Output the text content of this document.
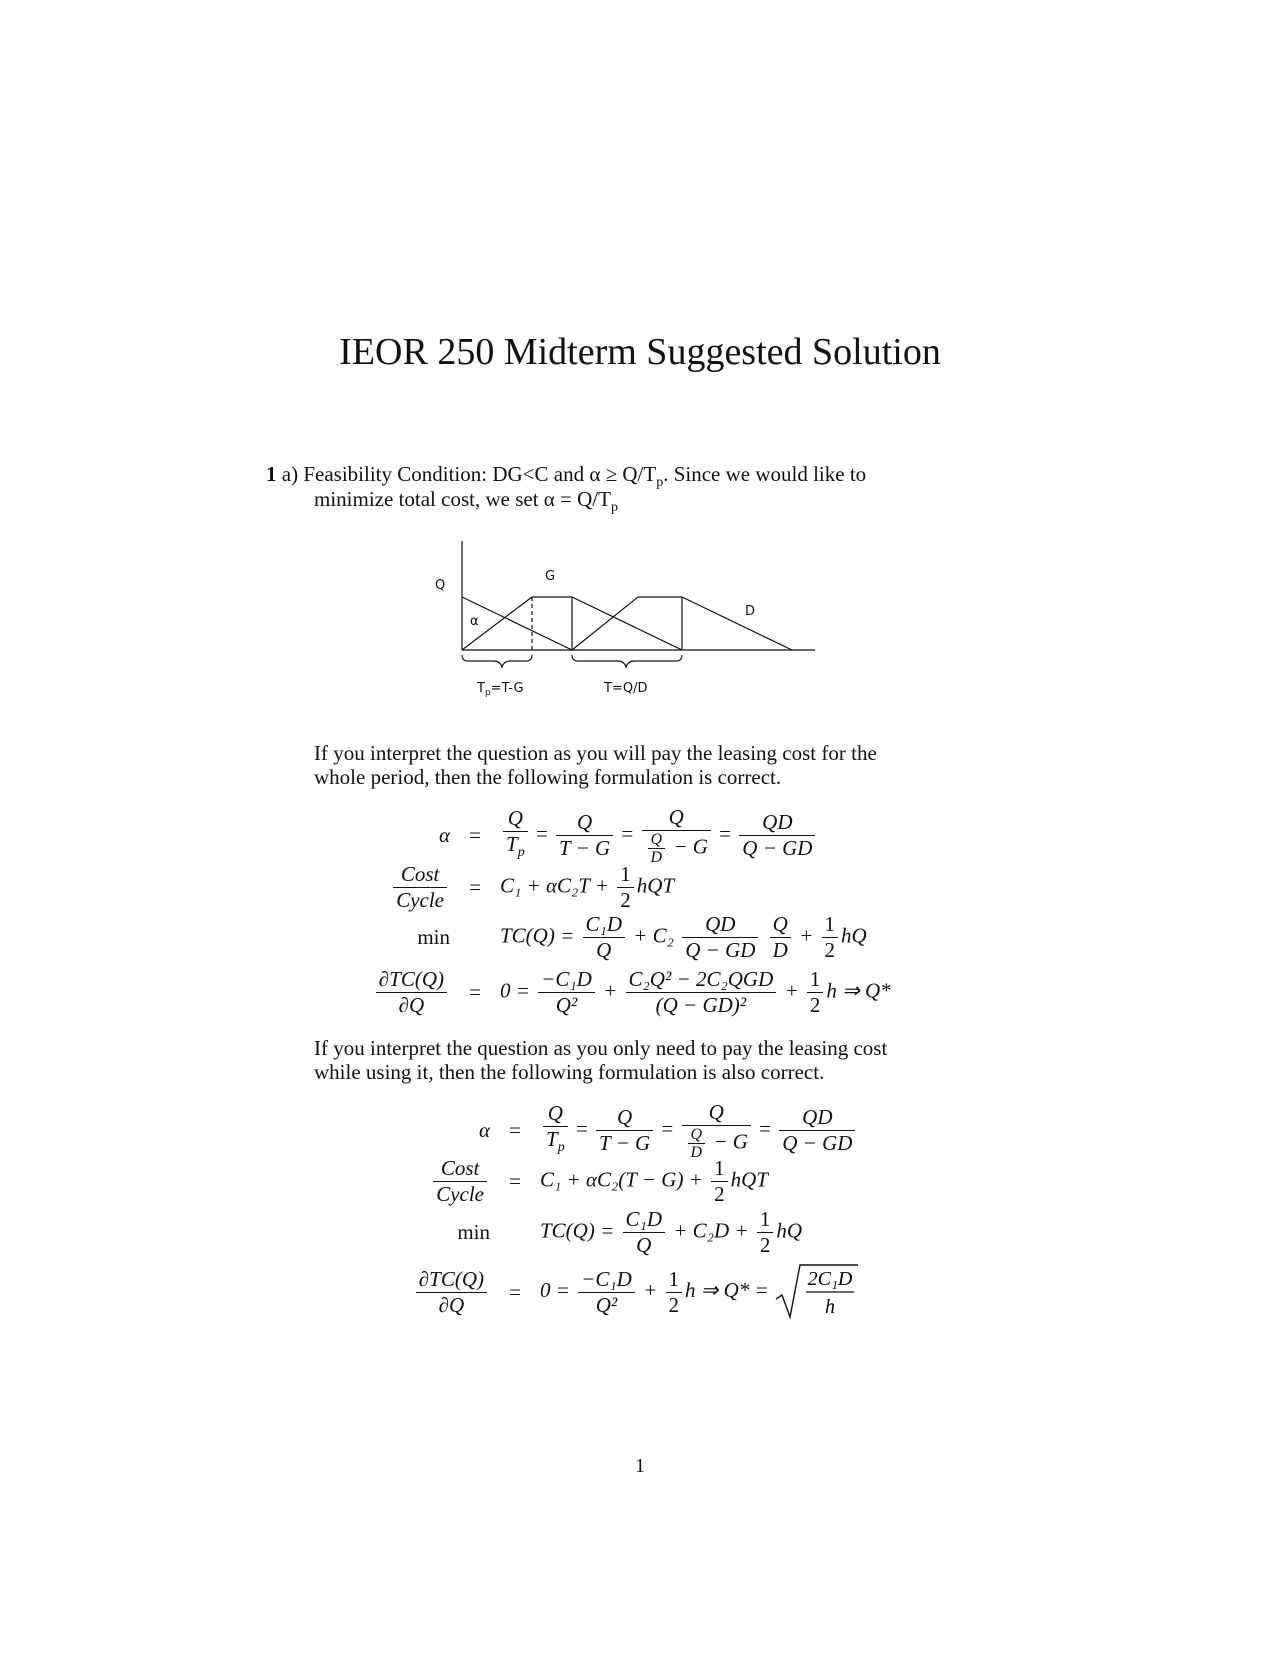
IEOR 250 Midterm Suggested Solution
1 a) Feasibility Condition: DG<C and $\alpha \ge Q/T_p$. Since we would like to
minimize total cost, we set $\alpha = Q/T_p$
Q
G
D
α
$T_p=T-G$	T=Q/D
If you interpret the question as you will pay the leasing cost for the
whole period, then the following formulation is correct.
α =	$\frac{Q}{T_p} = \frac{Q}{T - G} = \frac{Q}{\frac{Q}{D} - G} = \frac{QD}{Q - GD}$
$\frac{\text{Cost}}{\text{Cycle}}$	= $C_1 + \alpha C_2T + \frac{1}{2}$ hQT
$\min TC(Q) = \frac{\text{C₁D}}{Q} + C_2 \frac{QD}{Q - GD}$
$\frac{Q}{D} + \frac{1}{2}$ hQ
$\frac{\partial TC(Q)}{\partial Q}$	= $0 = \frac{\text{−C₁D}}{\text{Q²}} + \frac{\text{C₂Q² − 2C₂QGD}}{\text{(Q − GD)²}} + \frac{1}{2}$ h ⇒ Q*
If you interpret the question as you only need to pay the leasing cost
while using it, then the following formulation is also correct.
α =	$\frac{Q}{T_p} = \frac{Q}{T - G} = \frac{Q}{\frac{Q}{D} - G} = \frac{QD}{Q - GD}$
$\frac{\text{Cost}}{\text{Cycle}}$	= $C_1 + \alpha C_2(T - G) + \frac{1}{2}$ hQT
$\min TC(Q) = \frac{\text{C₁D}}{Q} + C_2D + \frac{1}{2}$ hQ
$\frac{\partial TC(Q)}{\partial Q}$	= $0 = \frac{\text{−C₁D}}{\text{Q²}} + \frac{1}{2}$ h ⇒ Q* = 2C₁D
h
1
